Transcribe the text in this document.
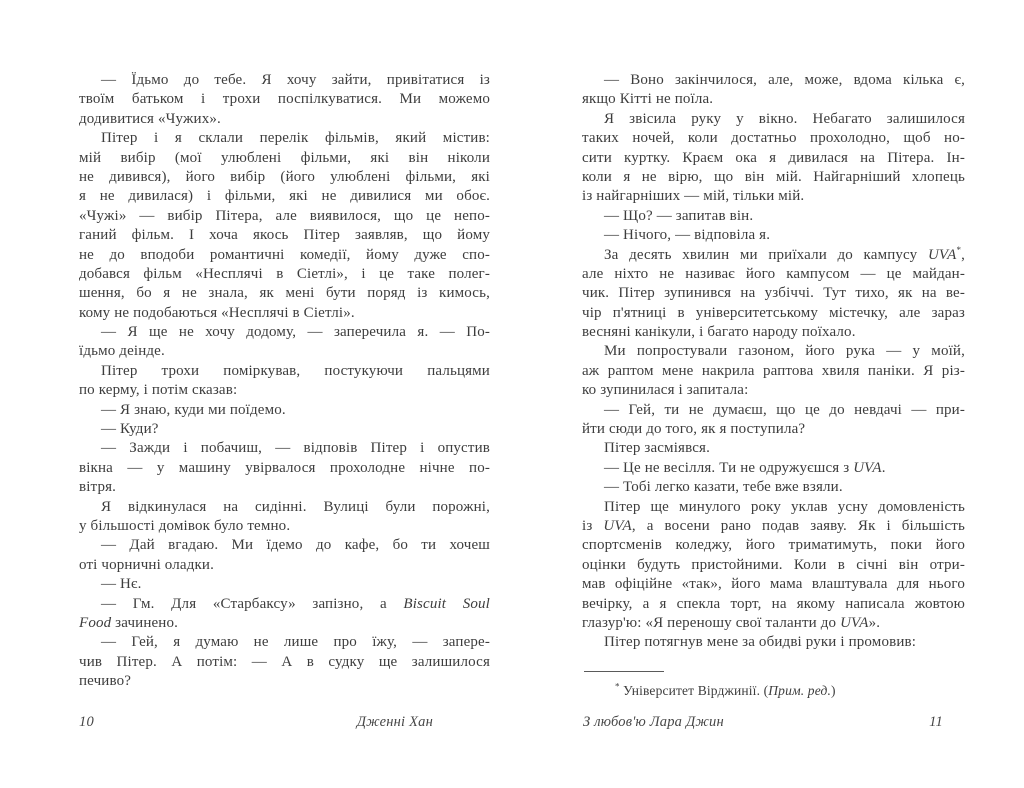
— Їдьмо до тебе. Я хочу зайти, привітатися із
твоїм батьком і трохи поспілкуватися. Ми можемо
додивитися «Чужих».
Пітер і я склали перелік фільмів, який містив:
мій вибір (мої улюблені фільми, які він ніколи
не дивився), його вибір (його улюблені фільми, які
я не дивилася) і фільми, які не дивилися ми обоє.
«Чужі» — вибір Пітера, але виявилося, що це непо-
ганий фільм. І хоча якось Пітер заявляв, що йому
не до вподоби романтичні комедії, йому дуже спо-
добався фільм «Несплячі в Сіетлі», і це таке полег-
шення, бо я не знала, як мені бути поряд із кимось,
кому не подобаються «Несплячі в Сіетлі».
— Я ще не хочу додому, — заперечила я. — По-
їдьмо деінде.
Пітер трохи поміркував, постукуючи пальцями
по керму, і потім сказав:
— Я знаю, куди ми поїдемо.
— Куди?
— Зажди і побачиш, — відповів Пітер і опустив
вікна — у машину увірвалося прохолодне нічне по-
вітря.
Я відкинулася на сидінні. Вулиці були порожні,
у більшості домівок було темно.
— Дай вгадаю. Ми їдемо до кафе, бо ти хочеш
оті чорничні оладки.
— Нє.
— Гм. Для «Старбаксу» запізно, а Biscuit Soul
Food зачинено.
— Гей, я думаю не лише про їжу, — запере-
чив Пітер. А потім: — А в судку ще залишилося
печиво?
— Воно закінчилося, але, може, вдома кілька є,
якщо Кітті не поїла.
Я звісила руку у вікно. Небагато залишилося
таких ночей, коли достатньо прохолодно, щоб но-
сити куртку. Краєм ока я дивилася на Пітера. Ін-
коли я не вірю, що він мій. Найгарніший хлопець
із найгарніших — мій, тільки мій.
— Що? — запитав він.
— Нічого, — відповіла я.
За десять хвилин ми приїхали до кампусу UVA*,
але ніхто не називає його кампусом — це майдан-
чик. Пітер зупинився на узбіччі. Тут тихо, як на ве-
чір п'ятниці в університетському містечку, але зараз
весняні канікули, і багато народу поїхало.
Ми попростували газоном, його рука — у моїй,
аж раптом мене накрила раптова хвиля паніки. Я різ-
ко зупинилася і запитала:
— Гей, ти не думаєш, що це до невдачі — при-
йти сюди до того, як я поступила?
Пітер засміявся.
— Це не весілля. Ти не одружуєшся з UVA.
— Тобі легко казати, тебе вже взяли.
Пітер ще минулого року уклав усну домовленість
із UVA, а восени рано подав заяву. Як і більшість
спортсменів коледжу, його триматимуть, поки його
оцінки будуть пристойними. Коли в січні він отри-
мав офіційне «так», його мама влаштувала для нього
вечірку, а я спекла торт, на якому написала жовтою
глазур'ю: «Я переношу свої таланти до UVA».
Пітер потягнув мене за обидві руки і промовив:
* Університет Вірджинії. (Прим. ред.)
10	Дженні Хан	З любов'ю Лара Джин	11
